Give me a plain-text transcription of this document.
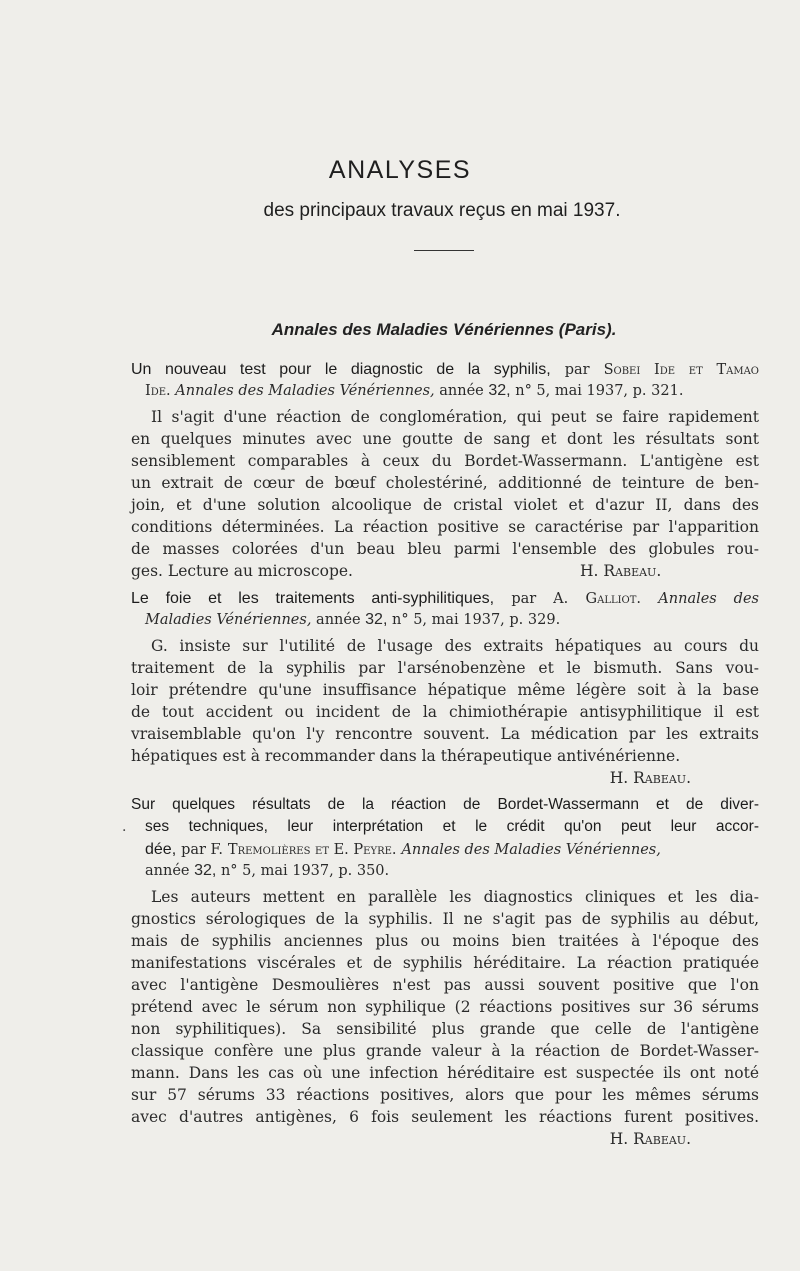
ANALYSES
des principaux travaux reçus en mai 1937.
Annales des Maladies Vénériennes (Paris).
Un nouveau test pour le diagnostic de la syphilis, par Sobei Ide et Tamao
Ide. Annales des Maladies Vénériennes, année 32, n° 5, mai 1937, p. 321.
Il s'agit d'une réaction de conglomération, qui peut se faire rapidement
en quelques minutes avec une goutte de sang et dont les résultats sont
sensiblement comparables à ceux du Bordet-Wassermann. L'antigène est
un extrait de cœur de bœuf cholestériné, additionné de teinture de ben-
join, et d'une solution alcoolique de cristal violet et d'azur II, dans des
conditions déterminées. La réaction positive se caractérise par l'apparition
de masses colorées d'un beau bleu parmi l'ensemble des globules rou-
ges. Lecture au microscope.	H. Rabeau.
Le foie et les traitements anti-syphilitiques, par A. Galliot. Annales des
Maladies Vénériennes, année 32, n° 5, mai 1937, p. 329.
G. insiste sur l'utilité de l'usage des extraits hépatiques au cours du
traitement de la syphilis par l'arsénobenzène et le bismuth. Sans vou-
loir prétendre qu'une insuffisance hépatique même légère soit à la base
de tout accident ou incident de la chimiothérapie antisyphilitique il est
vraisemblable qu'on l'y rencontre souvent. La médication par les extraits
hépatiques est à recommander dans la thérapeutique antivénérienne.
H. Rabeau.
·
Sur quelques résultats de la réaction de Bordet-Wassermann et de diver-
ses techniques, leur interprétation et le crédit qu'on peut leur accor-
dée, par F. Tremolières et E. Peyre. Annales des Maladies Vénériennes,
année 32, n° 5, mai 1937, p. 350.
Les auteurs mettent en parallèle les diagnostics cliniques et les dia-
gnostics sérologiques de la syphilis. Il ne s'agit pas de syphilis au début,
mais de syphilis anciennes plus ou moins bien traitées à l'époque des
manifestations viscérales et de syphilis héréditaire. La réaction pratiquée
avec l'antigène Desmoulières n'est pas aussi souvent positive que l'on
prétend avec le sérum non syphilique (2 réactions positives sur 36 sérums
non syphilitiques). Sa sensibilité plus grande que celle de l'antigène
classique confère une plus grande valeur à la réaction de Bordet-Wasser-
mann. Dans les cas où une infection héréditaire est suspectée ils ont noté
sur 57 sérums 33 réactions positives, alors que pour les mêmes sérums
avec d'autres antigènes, 6 fois seulement les réactions furent positives.
H. Rabeau.
